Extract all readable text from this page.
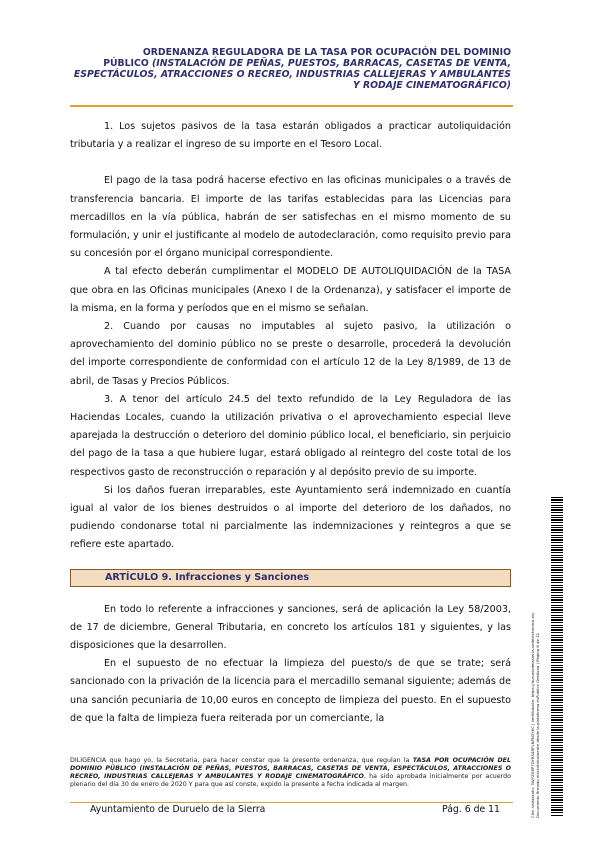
ORDENANZA REGULADORA DE LA TASA POR OCUPACIÓN DEL DOMINIO
PÚBLICO (INSTALACIÓN DE PEÑAS, PUESTOS, BARRACAS, CASETAS DE VENTA,
ESPECTÁCULOS, ATRACCIONES O RECREO, INDUSTRIAS CALLEJERAS Y AMBULANTES
Y RODAJE CINEMATOGRÁFICO)

1. Los sujetos pasivos de la tasa estarán obligados a practicar autoliquidación tributaria y a realizar el ingreso de su importe en el Tesoro Local.

El pago de la tasa podrá hacerse efectivo en las oficinas municipales o a través de transferencia bancaria. El importe de las tarifas establecidas para las Licencias para mercadillos en la vía pública, habrán de ser satisfechas en el mismo momento de su formulación, y unir el justificante al modelo de autodeclaración, como requisito previo para su concesión por el órgano municipal correspondiente.

A tal efecto deberán cumplimentar el MODELO DE AUTOLIQUIDACIÓN de la TASA que obra en las Oficinas municipales (Anexo I de la Ordenanza), y satisfacer el importe de la misma, en la forma y períodos que en el mismo se señalan.

2. Cuando por causas no imputables al sujeto pasivo, la utilización o aprovechamiento del dominio público no se preste o desarrolle, procederá la devolución del importe correspondiente de conformidad con el artículo 12 de la Ley 8/1989, de 13 de abril, de Tasas y Precios Públicos.

3. A tenor del artículo 24.5 del texto refundido de la Ley Reguladora de las Haciendas Locales, cuando la utilización privativa o el aprovechamiento especial lleve aparejada la destrucción o deterioro del dominio público local, el beneficiario, sin perjuicio del pago de la tasa a que hubiere lugar, estará obligado al reintegro del coste total de los respectivos gasto de reconstrucción o reparación y al depósito previo de su importe.

Si los daños fueran irreparables, este Ayuntamiento será indemnizado en cuantía igual al valor de los bienes destruidos o al importe del deterioro de los dañados, no pudiendo condonarse total ni parcialmente las indemnizaciones y reintegros a que se refiere este apartado.

ARTÍCULO 9. Infracciones y Sanciones

En todo lo referente a infracciones y sanciones, será de aplicación la Ley 58/2003, de 17 de diciembre, General Tributaria, en concreto los artículos 181 y siguientes, y las disposiciones que la desarrollen.

En el supuesto de no efectuar la limpieza del puesto/s de que se trate; será sancionado con la privación de la licencia para el mercadillo semanal siguiente; además de una sanción pecuniaria de 10,00 euros en concepto de limpieza del puesto. En el supuesto de que la falta de limpieza fuera reiterada por un comerciante, la

DILIGENCIA que hago yo, la Secretaria, para hacer constar que la presente ordenanza, que regulan la TASA POR OCUPACIÓN DEL DOMINIO PÚBLICO (INSTALACIÓN DE PEÑAS, PUESTOS, BARRACAS, CASETAS DE VENTA, ESPECTÁCULOS, ATRACCIONES O RECREO, INDUSTRIAS CALLEJERAS Y AMBULANTES Y RODAJE CINEMATOGRÁFICO, ha sido aprobada inicialmente por acuerdo plenario del día 30 de enero de 2020 Y para que así conste, expido la presente a fecha indicada al margen.
Ayuntamiento de Duruelo de la Sierra	Pág. 6 de 11	Cód. Validación: 3WYZXEP7DYRS4RFLNPN3Y6C | Verificación: https://duruelodelasierra.sedelectronica.es/ Documento firmado electrónicamente desde la plataforma esPublico Gestiona | Página 6 de 11
